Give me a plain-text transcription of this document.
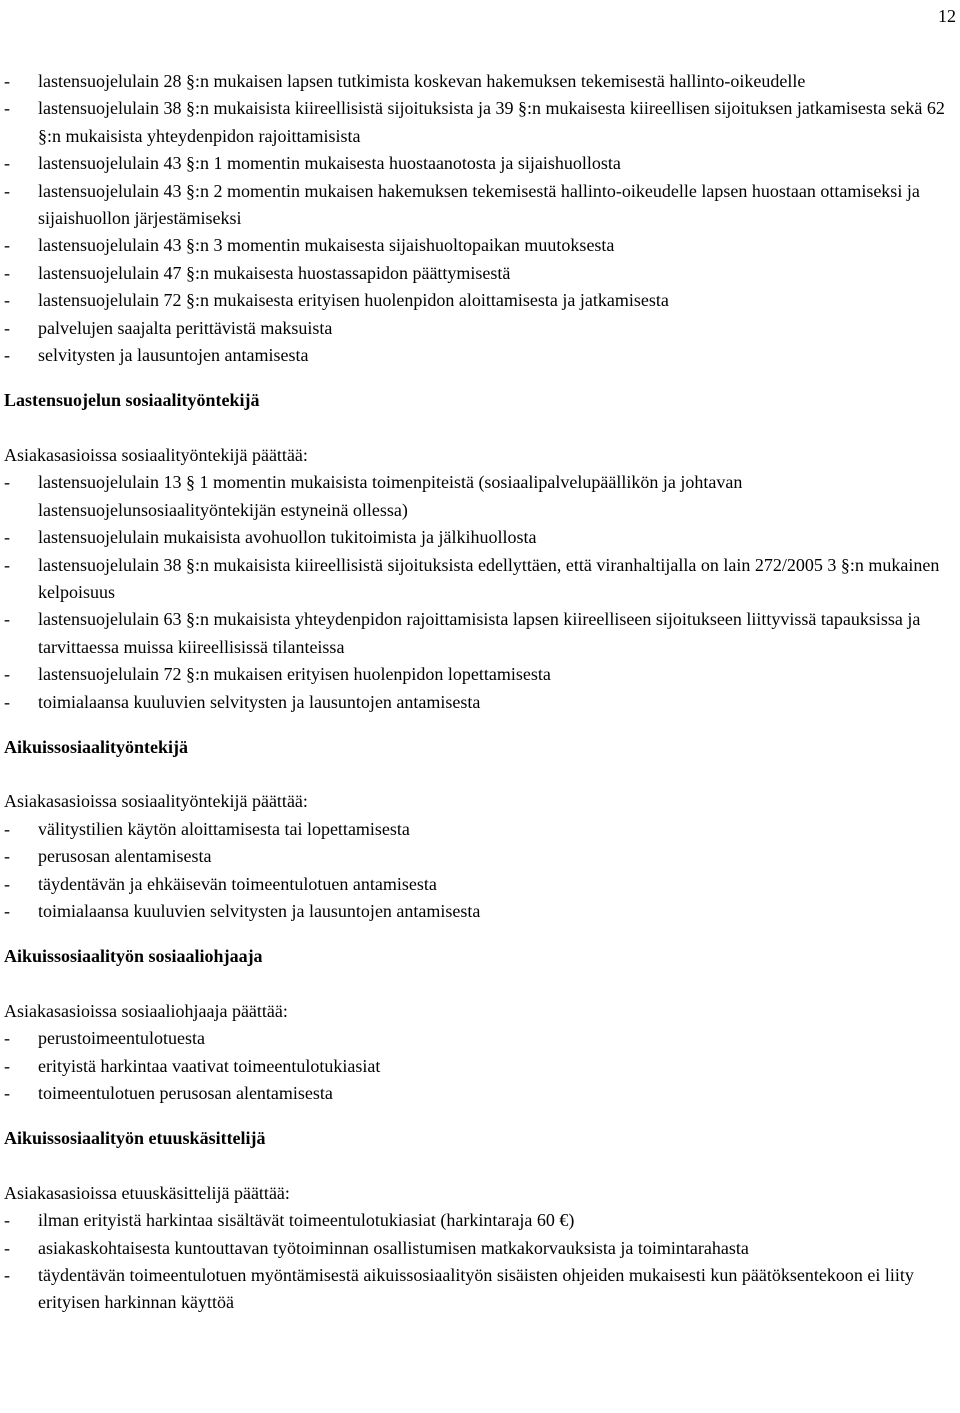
12
-	lastensuojelulain 28 §:n mukaisen lapsen tutkimista koskevan hakemuksen tekemisestä hallinto-oikeudelle
-	lastensuojelulain 38 §:n mukaisista kiireellisistä sijoituksista ja 39 §:n mukaisesta kiireellisen sijoituksen jatkamisesta sekä 62 §:n mukaisista yhteydenpidon rajoittamisista
-	lastensuojelulain 43 §:n 1 momentin mukaisesta huostaanotosta ja sijaishuollosta
-	lastensuojelulain 43 §:n 2 momentin mukaisen hakemuksen tekemisestä hallinto-oikeudelle lapsen huostaan ottamiseksi ja sijaishuollon järjestämiseksi
-	lastensuojelulain 43 §:n 3 momentin mukaisesta sijaishuoltopaikan muutoksesta
-	lastensuojelulain 47 §:n mukaisesta huostassapidon päättymisestä
-	lastensuojelulain 72 §:n mukaisesta erityisen huolenpidon aloittamisesta ja jatkamisesta
-	palvelujen saajalta perittävistä maksuista
-	selvitysten ja lausuntojen antamisesta
Lastensuojelun sosiaalityöntekijä
Asiakasasioissa sosiaalityöntekijä päättää:
-	lastensuojelulain 13 § 1 momentin mukaisista toimenpiteistä (sosiaalipalvelupäällikön ja johtavan lastensuojelunsosiaalityöntekijän estyneinä ollessa)
-	lastensuojelulain mukaisista avohuollon tukitoimista ja jälkihuollosta
-	lastensuojelulain 38 §:n mukaisista kiireellisistä sijoituksista edellyttäen, että viranhaltijalla on lain 272/2005 3 §:n mukainen kelpoisuus
-	lastensuojelulain 63 §:n mukaisista yhteydenpidon rajoittamisista lapsen kiireelliseen sijoitukseen liittyvissä tapauksissa ja tarvittaessa muissa kiireellisissä tilanteissa
-	lastensuojelulain 72 §:n mukaisen erityisen huolenpidon lopettamisesta
-	toimialaansa kuuluvien selvitysten ja lausuntojen antamisesta
Aikuissosiaalityöntekijä
Asiakasasioissa sosiaalityöntekijä päättää:
-	välitystilien käytön aloittamisesta tai lopettamisesta
-	perusosan alentamisesta
-	täydentävän ja ehkäisevän toimeentulotuen antamisesta
-	toimialaansa kuuluvien selvitysten ja lausuntojen antamisesta
Aikuissosiaalityön sosiaaliohjaaja
Asiakasasioissa sosiaaliohjaaja päättää:
-	perustoimeentulotuesta
-	erityistä harkintaa vaativat toimeentulotukiasiat
-	toimeentulotuen perusosan alentamisesta
Aikuissosiaalityön etuuskäsittelijä
Asiakasasioissa etuuskäsittelijä päättää:
-	ilman erityistä harkintaa sisältävät toimeentulotukiasiat (harkintaraja 60 €)
-	asiakaskohtaisesta kuntouttavan työtoiminnan osallistumisen matkakorvauksista ja toimintarahasta
-	täydentävän toimeentulotuen myöntämisestä aikuissosiaalityön sisäisten ohjeiden mukaisesti kun päätöksentekoon ei liity erityisen harkinnan käyttöä
